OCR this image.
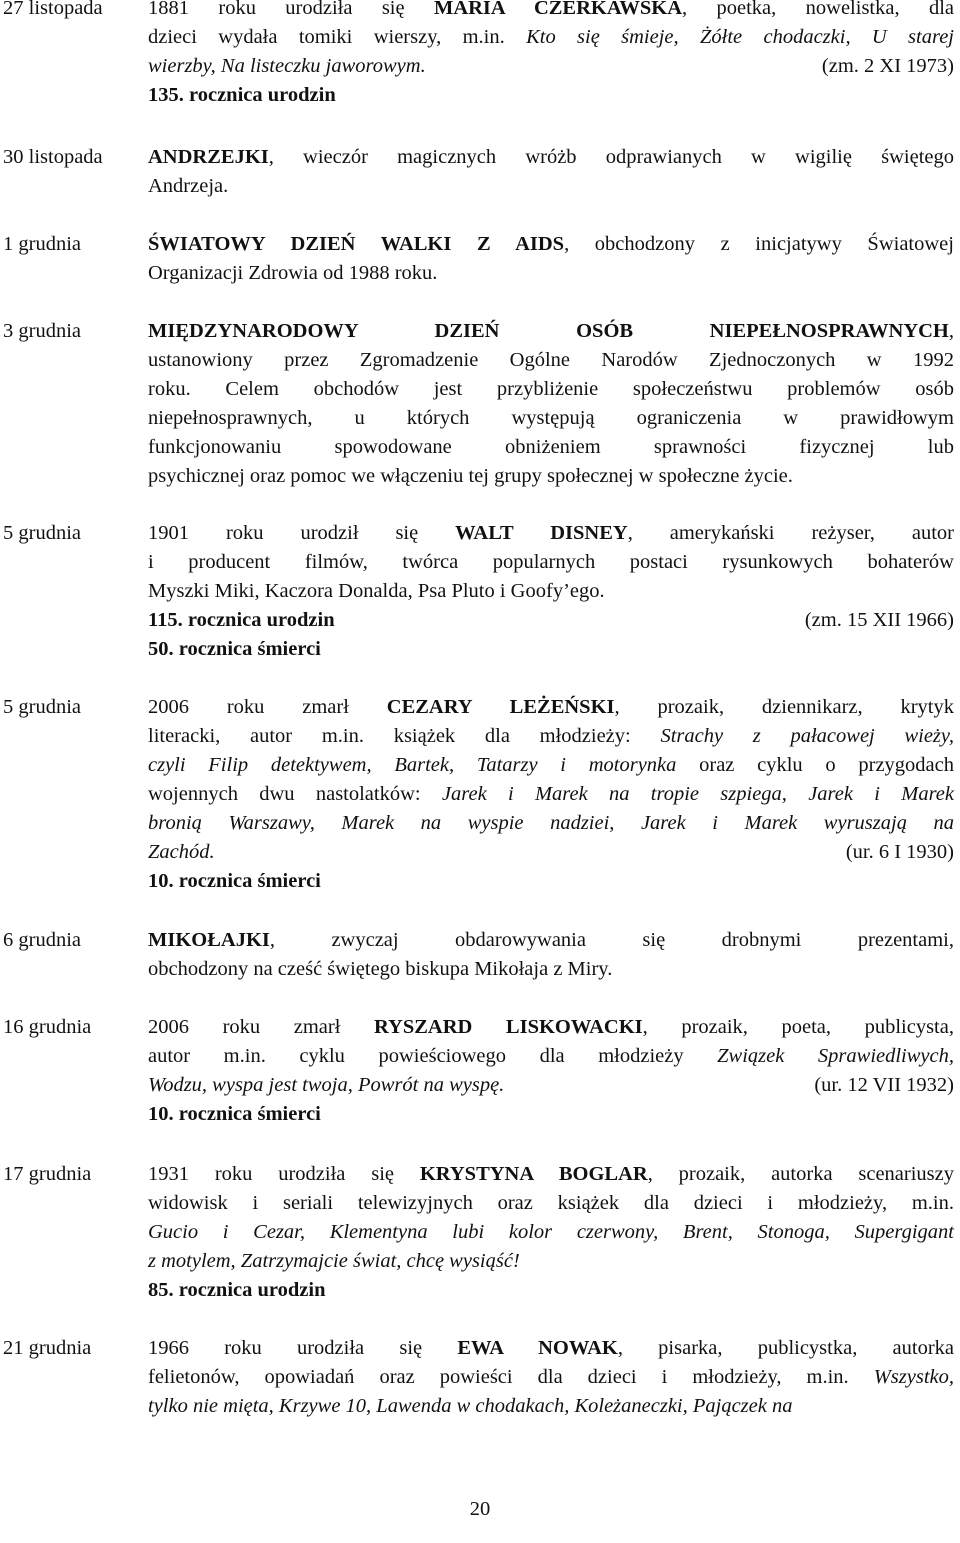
27 listopada	1881 roku urodziła się MARIA CZERKAWSKA, poetka, nowelistka, dla
dzieci wydała tomiki wierszy, m.in. Kto się śmieje, Żółte chodaczki, U starej
wierzby, Na listeczku jaworowym.	(zm. 2 XI 1973)
135. rocznica urodzin
30 listopada	ANDRZEJKI, wieczór magicznych wróżb odprawianych w wigilię świętego
Andrzeja.
1 grudnia	ŚWIATOWY DZIEŃ WALKI Z AIDS, obchodzony z inicjatywy Światowej
Organizacji Zdrowia od 1988 roku.
3 grudnia	MIĘDZYNARODOWY DZIEŃ OSÓB NIEPEŁNOSPRAWNYCH,
ustanowiony przez Zgromadzenie Ogólne Narodów Zjednoczonych w 1992
roku. Celem obchodów jest przybliżenie społeczeństwu problemów osób
niepełnosprawnych, u których występują ograniczenia w prawidłowym
funkcjonowaniu spowodowane obniżeniem sprawności fizycznej lub
psychicznej oraz pomoc we włączeniu tej grupy społecznej w społeczne życie.
5 grudnia	1901 roku urodził się WALT DISNEY, amerykański reżyser, autor
i producent filmów, twórca popularnych postaci rysunkowych bohaterów
Myszki Miki, Kaczora Donalda, Psa Pluto i Goofy’ego.
115. rocznica urodzin	(zm. 15 XII 1966)
50. rocznica śmierci
5 grudnia	2006 roku zmarł CEZARY LEŻEŃSKI, prozaik, dziennikarz, krytyk
literacki, autor m.in. książek dla młodzieży: Strachy z pałacowej wieży,
czyli Filip detektywem, Bartek, Tatarzy i motorynka oraz cyklu o przygodach
wojennych dwu nastolatków: Jarek i Marek na tropie szpiega, Jarek i Marek
bronią Warszawy, Marek na wyspie nadziei, Jarek i Marek wyruszają na
Zachód.	(ur. 6 I 1930)
10. rocznica śmierci
6 grudnia	MIKOŁAJKI, zwyczaj obdarowywania się drobnymi prezentami,
obchodzony na cześć świętego biskupa Mikołaja z Miry.
16 grudnia	2006 roku zmarł RYSZARD LISKOWACKI, prozaik, poeta, publicysta,
autor m.in. cyklu powieściowego dla młodzieży Związek Sprawiedliwych,
Wodzu, wyspa jest twoja, Powrót na wyspę.	(ur. 12 VII 1932)
10. rocznica śmierci
17 grudnia	1931 roku urodziła się KRYSTYNA BOGLAR, prozaik, autorka scenariuszy
widowisk i seriali telewizyjnych oraz książek dla dzieci i młodzieży, m.in.
Gucio i Cezar, Klementyna lubi kolor czerwony, Brent, Stonoga, Supergigant
z motylem, Zatrzymajcie świat, chcę wysiąść!
85. rocznica urodzin
21 grudnia	1966 roku urodziła się EWA NOWAK, pisarka, publicystka, autorka
felietonów, opowiadań oraz powieści dla dzieci i młodzieży, m.in. Wszystko,
tylko nie mięta, Krzywe 10, Lawenda w chodakach, Koleżaneczki, Pajączek na
20
